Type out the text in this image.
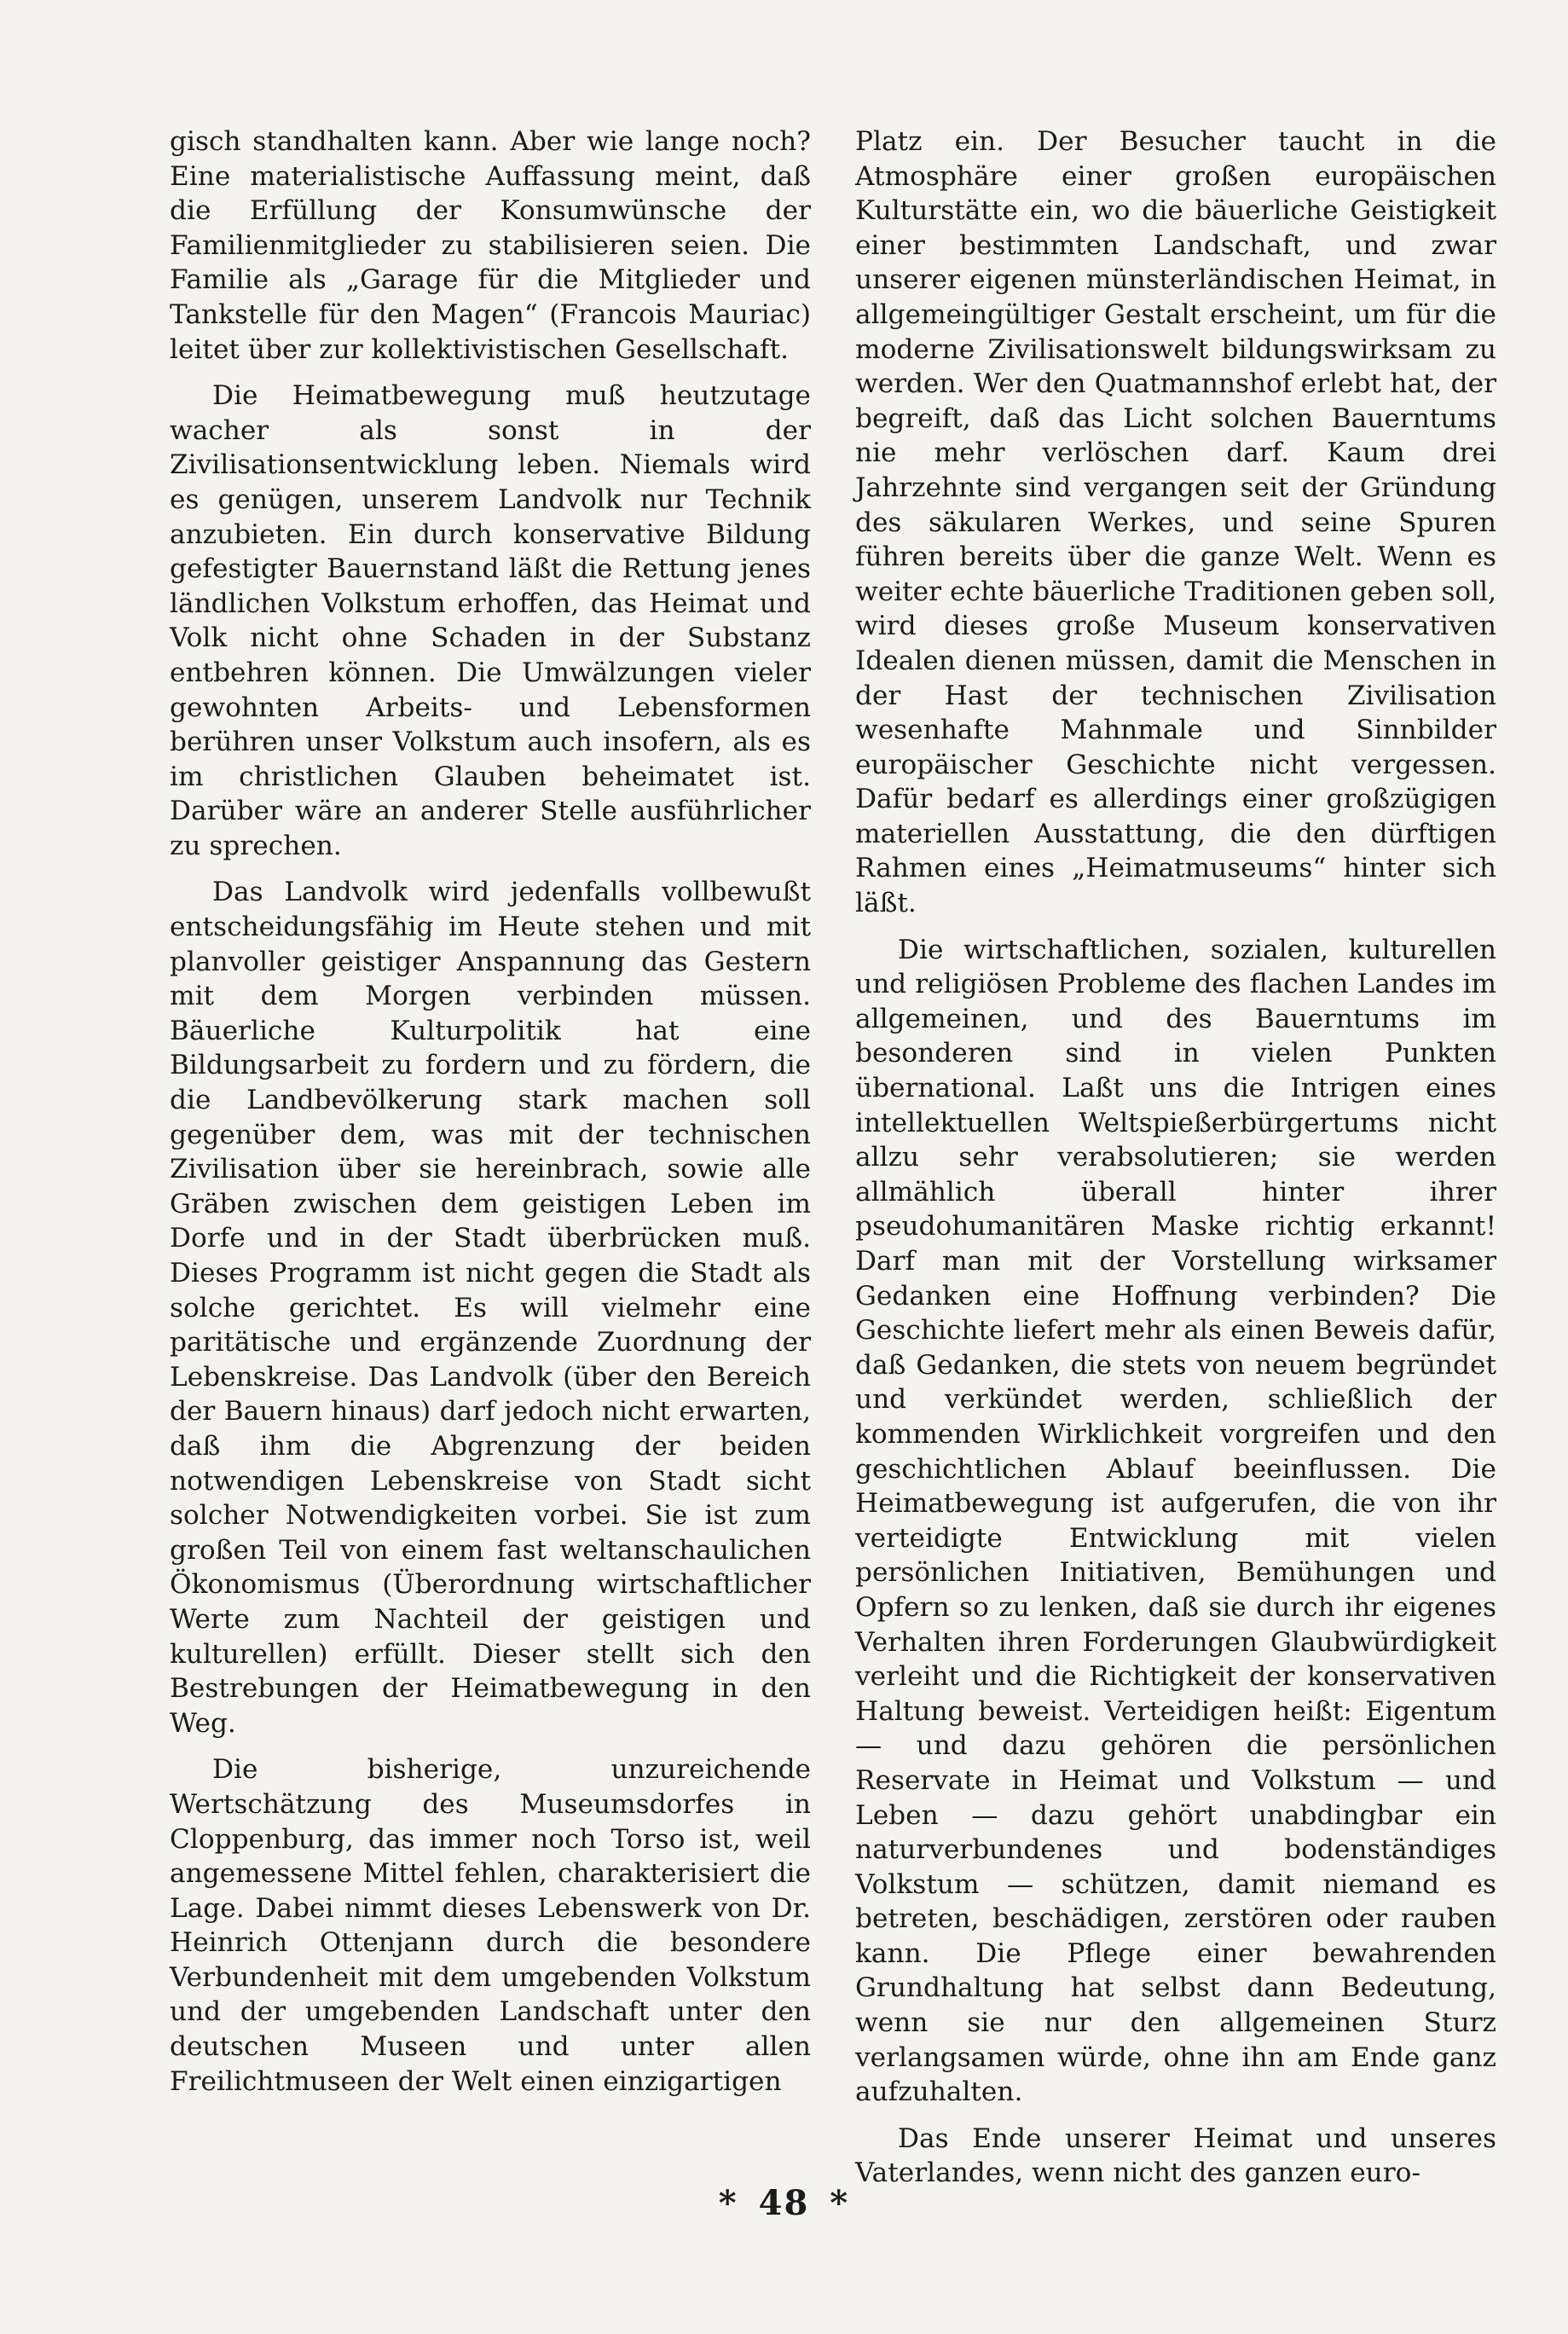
gisch standhalten kann. Aber wie lange noch? Eine materialistische Auffassung meint, daß die Erfüllung der Konsumwünsche der Familienmitglieder zu stabilisieren seien. Die Familie als „Garage für die Mitglieder und Tankstelle für den Magen“ (Francois Mauriac) leitet über zur kollektivistischen Gesellschaft.

Die Heimatbewegung muß heutzutage wacher als sonst in der Zivilisationsentwicklung leben. Niemals wird es genügen, unserem Landvolk nur Technik anzubieten. Ein durch konservative Bildung gefestigter Bauernstand läßt die Rettung jenes ländlichen Volkstum erhoffen, das Heimat und Volk nicht ohne Schaden in der Substanz entbehren können. Die Umwälzungen vieler gewohnten Arbeits- und Lebensformen berühren unser Volkstum auch insofern, als es im christlichen Glauben beheimatet ist. Darüber wäre an anderer Stelle ausführlicher zu sprechen.

Das Landvolk wird jedenfalls vollbewußt entscheidungsfähig im Heute stehen und mit planvoller geistiger Anspannung das Gestern mit dem Morgen verbinden müssen. Bäuerliche Kulturpolitik hat eine Bildungsarbeit zu fordern und zu fördern, die die Landbevölkerung stark machen soll gegenüber dem, was mit der technischen Zivilisation über sie hereinbrach, sowie alle Gräben zwischen dem geistigen Leben im Dorfe und in der Stadt überbrücken muß. Dieses Programm ist nicht gegen die Stadt als solche gerichtet. Es will vielmehr eine paritätische und ergänzende Zuordnung der Lebenskreise. Das Landvolk (über den Bereich der Bauern hinaus) darf jedoch nicht erwarten, daß ihm die Abgrenzung der beiden notwendigen Lebenskreise von Stadt sicht solcher Notwendigkeiten vorbei. Sie ist zum großen Teil von einem fast weltanschaulichen Ökonomismus (Überordnung wirtschaftlicher Werte zum Nachteil der geistigen und kulturellen) erfüllt. Dieser stellt sich den Bestrebungen der Heimatbewegung in den Weg.

Die bisherige, unzureichende Wertschätzung des Museumsdorfes in Cloppenburg, das immer noch Torso ist, weil angemessene Mittel fehlen, charakterisiert die Lage. Dabei nimmt dieses Lebenswerk von Dr. Heinrich Ottenjann durch die besondere Verbundenheit mit dem umgebenden Volkstum und der umgebenden Landschaft unter den deutschen Museen und unter allen Freilichtmuseen der Welt einen einzigartigen

Platz ein. Der Besucher taucht in die Atmosphäre einer großen europäischen Kulturstätte ein, wo die bäuerliche Geistigkeit einer bestimmten Landschaft, und zwar unserer eigenen münsterländischen Heimat, in allgemeingültiger Gestalt erscheint, um für die moderne Zivilisationswelt bildungswirksam zu werden. Wer den Quatmannshof erlebt hat, der begreift, daß das Licht solchen Bauerntums nie mehr verlöschen darf. Kaum drei Jahrzehnte sind vergangen seit der Gründung des säkularen Werkes, und seine Spuren führen bereits über die ganze Welt. Wenn es weiter echte bäuerliche Traditionen geben soll, wird dieses große Museum konservativen Idealen dienen müssen, damit die Menschen in der Hast der technischen Zivilisation wesenhafte Mahnmale und Sinnbilder europäischer Geschichte nicht vergessen. Dafür bedarf es allerdings einer großzügigen materiellen Ausstattung, die den dürftigen Rahmen eines „Heimatmuseums“ hinter sich läßt.

Die wirtschaftlichen, sozialen, kulturellen und religiösen Probleme des flachen Landes im allgemeinen, und des Bauerntums im besonderen sind in vielen Punkten übernational. Laßt uns die Intrigen eines intellektuellen Weltspießerbürgertums nicht allzu sehr verabsolutieren; sie werden allmählich überall hinter ihrer pseudohumanitären Maske richtig erkannt! Darf man mit der Vorstellung wirksamer Gedanken eine Hoffnung verbinden? Die Geschichte liefert mehr als einen Beweis dafür, daß Gedanken, die stets von neuem begründet und verkündet werden, schließlich der kommenden Wirklichkeit vorgreifen und den geschichtlichen Ablauf beeinflussen. Die Heimatbewegung ist aufgerufen, die von ihr verteidigte Entwicklung mit vielen persönlichen Initiativen, Bemühungen und Opfern so zu lenken, daß sie durch ihr eigenes Verhalten ihren Forderungen Glaubwürdigkeit verleiht und die Richtigkeit der konservativen Haltung beweist. Verteidigen heißt: Eigentum — und dazu gehören die persönlichen Reservate in Heimat und Volkstum — und Leben — dazu gehört unabdingbar ein naturverbundenes und bodenständiges Volkstum — schützen, damit niemand es betreten, beschädigen, zerstören oder rauben kann. Die Pflege einer bewahrenden Grundhaltung hat selbst dann Bedeutung, wenn sie nur den allgemeinen Sturz verlangsamen würde, ohne ihn am Ende ganz aufzuhalten.

Das Ende unserer Heimat und unseres Vaterlandes, wenn nicht des ganzen euro-

* 48 *
